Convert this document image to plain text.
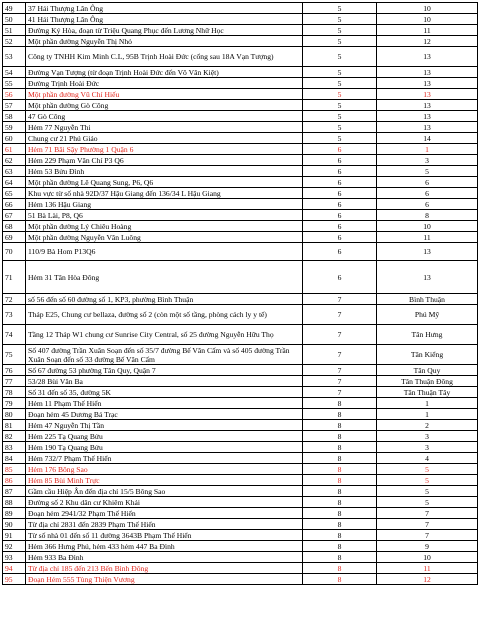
49	37 Hải Thượng Lãn Ông	5	10
50	41 Hải Thượng Lãn Ông	5	10
51	Đường Ký Hòa, đoạn từ Triệu Quang Phục đến Lương Nhữ Học	5	11
52	Một phần đường Nguyễn Thị Nhỏ	5	12
53	Công ty TNHH Kim Minh C.L, 95B Trịnh Hoài Đức (cổng sau 18A Vạn Tượng)	5	13
54	Đường Vạn Tượng (từ đoạn Trịnh Hoài Đức đến Võ Văn Kiệt)	5	13
55	Đường Trịnh Hoài Đức	5	13
56	Một phần đường Vũ Chí Hiếu	5	13
57	Một phần đường Gò Công	5	13
58	47 Gò Công	5	13
59	Hẻm 77 Nguyễn Thi	5	13
60	Chung cư 21 Phú Giáo	5	14
61	Hẻm 71 Bãi Sậy Phường 1 Quận 6	6	1
62	Hẻm 229 Phạm Văn Chí P3 Q6	6	3
63	Hẻm 53 Bửu Đình	6	5
64	Một phần đường Lê Quang Sung, P6, Q6	6	6
65	Khu vực từ số nhà 92D/37 Hậu Giang đến 136/34 L Hậu Giang	6	6
66	Hẻm 136 Hậu Giang	6	6
67	51 Bà Lài, P8, Q6	6	8
68	Một phần đường Lý Chiêu Hoàng	6	10
69	Một phần đường Nguyễn Văn Luông	6	11
70	110/9 Bà Hom P13Q6	6	13
71	Hẻm 31 Tân Hòa Đông	6	13
72	số 56 đến số 60 đường số 1, KP3, phường Bình Thuận	7	Bình Thuận
73	Tháp E25, Chung cư bellaza, đường số 2 (còn một số tầng, phòng cách ly y tế)	7	Phú Mỹ
74	Tầng 12 Tháp W1 chung cư Sunrise City Central, số 25 đường Nguyễn Hữu Thọ	7	Tân Hưng
75	Số 407 đường Trần Xuân Soạn đến số 35/7 đường Bế Văn Cấm và số 405 đường Trần Xuân Soạn đến số 33 đường Bế Văn Cấm	7	Tân Kiểng
76	Số 67 đường 53 phường Tân Quy, Quận 7	7	Tân Quy
77	53/28 Bùi Văn Ba	7	Tân Thuận Đông
78	Số 31 đến số 35, đường 5K	7	Tân Thuận Tây
79	Hẻm 11 Phạm Thế Hiển	8	1
80	Đoạn hẻm 45 Dương Bá Trạc	8	1
81	Hẻm 47 Nguyễn Thị Tần	8	2
82	Hẻm 225 Tạ Quang Bửu	8	3
83	Hẻm 190 Tạ Quang Bửu	8	3
84	Hẻm 732/7 Phạm Thế Hiển	8	4
85	Hẻm 176 Bông Sao	8	5
86	Hẻm 85 Bùi Minh Trực	8	5
87	Gầm cầu Hiệp Ân đến địa chỉ 15/5 Bông Sao	8	5
88	Đường số 2 Khu dân cư Khiêm Khải	8	5
89	Đoạn hẻm 2941/32 Phạm Thế Hiển	8	7
90	Từ địa chỉ 2831 đến 2839 Phạm Thế Hiển	8	7
91	Từ số nhà 01 đến số 11 đường 3643B Phạm Thế Hiển	8	7
92	Hẻm 366 Hưng Phú, hẻm 433 hẻm 447 Ba Đình	8	9
93	Hẻm 933 Ba Đình	8	10
94	Từ địa chỉ 185 đến 213 Bến Bình Đông	8	11
95	Đoạn Hẻm 555 Tùng Thiện Vương	8	12
